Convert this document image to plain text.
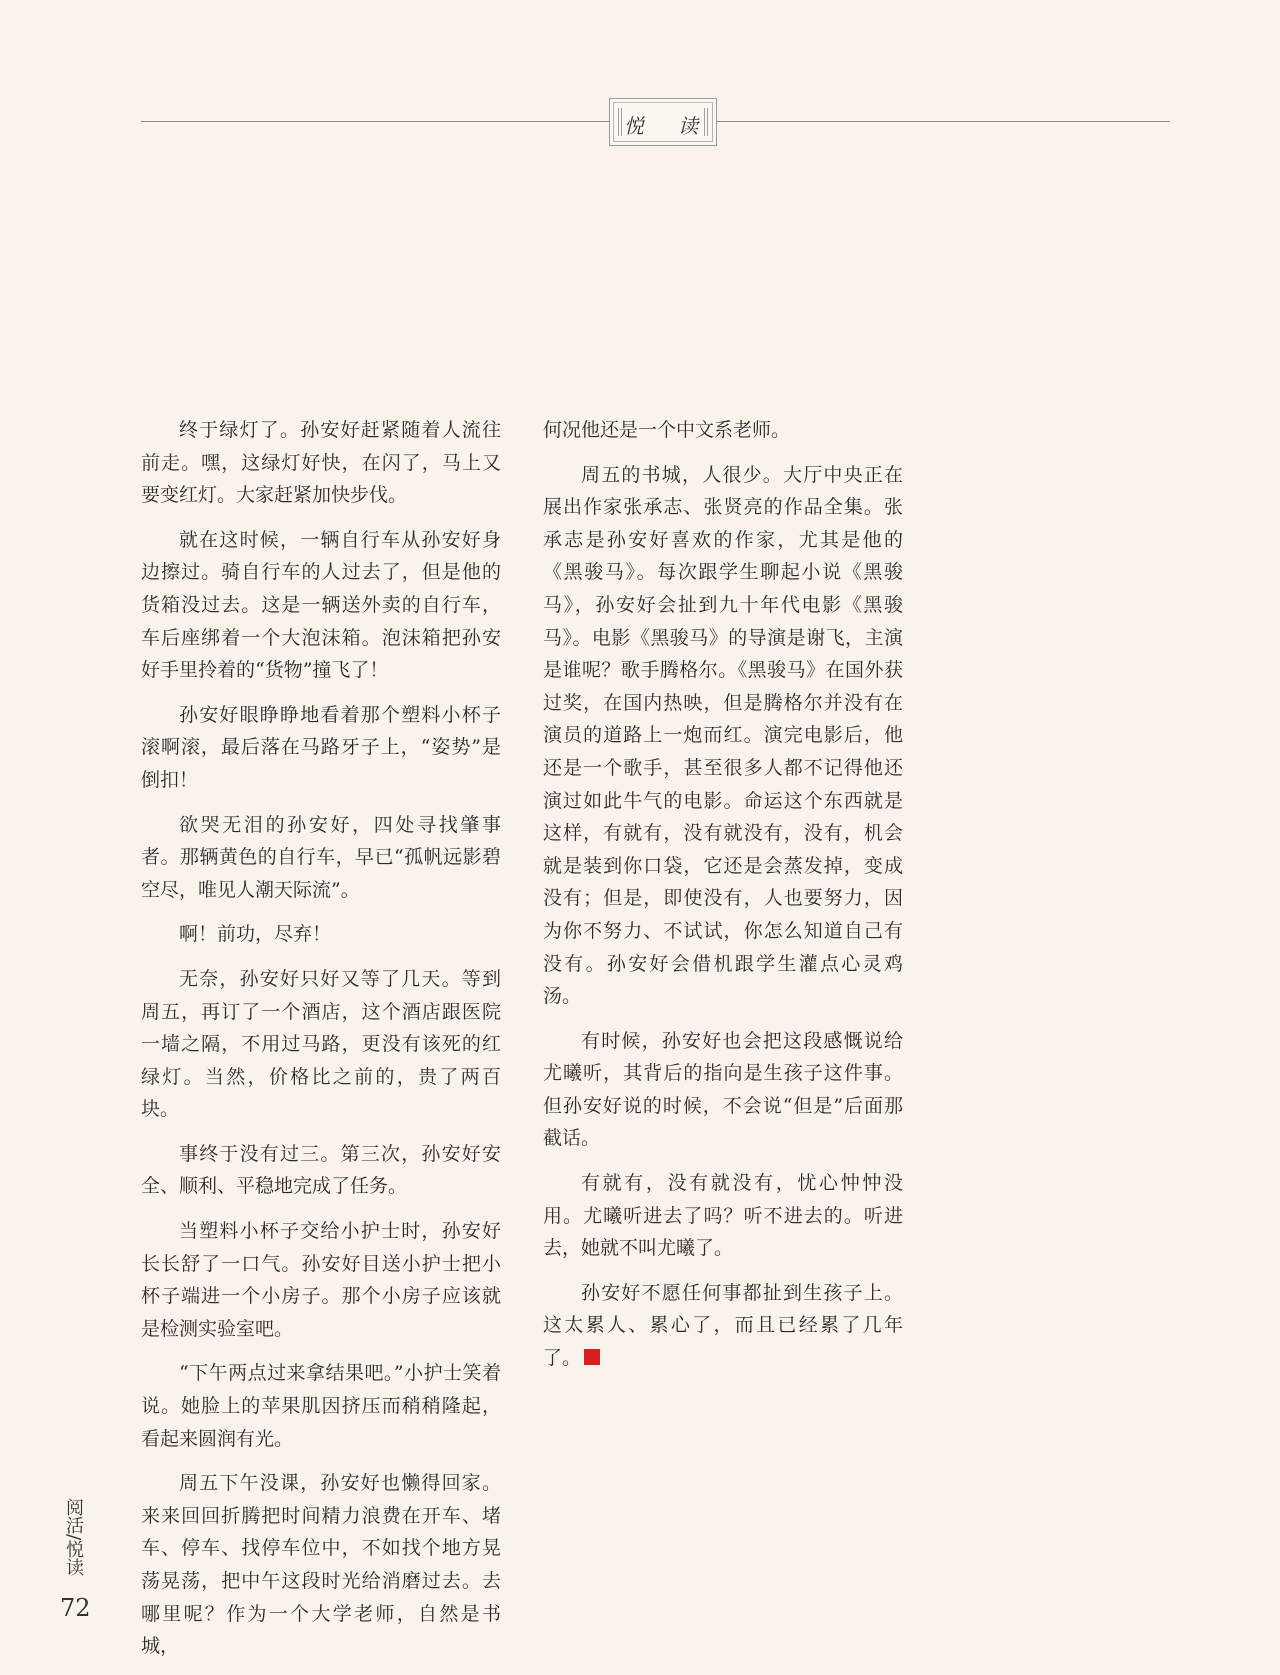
悦 读

终于绿灯了。孙安好赶紧随着人流往前走。嘿，这绿灯好快，在闪了，马上又要变红灯。大家赶紧加快步伐。

就在这时候，一辆自行车从孙安好身边擦过。骑自行车的人过去了，但是他的货箱没过去。这是一辆送外卖的自行车，车后座绑着一个大泡沫箱。泡沫箱把孙安好手里拎着的“货物”撞飞了！

孙安好眼睁睁地看着那个塑料小杯子滚啊滚，最后落在马路牙子上，“姿势”是倒扣！

欲哭无泪的孙安好，四处寻找肇事者。那辆黄色的自行车，早已“孤帆远影碧空尽，唯见人潮天际流”。

啊！前功，尽弃！

无奈，孙安好只好又等了几天。等到周五，再订了一个酒店，这个酒店跟医院一墙之隔，不用过马路，更没有该死的红绿灯。当然，价格比之前的，贵了两百块。

事终于没有过三。第三次，孙安好安全、顺利、平稳地完成了任务。

当塑料小杯子交给小护士时，孙安好长长舒了一口气。孙安好目送小护士把小杯子端进一个小房子。那个小房子应该就是检测实验室吧。

“下午两点过来拿结果吧。”小护士笑着说。她脸上的苹果肌因挤压而稍稍隆起，看起来圆润有光。

周五下午没课，孙安好也懒得回家。来来回回折腾把时间精力浪费在开车、堵车、停车、找停车位中，不如找个地方晃荡晃荡，把中午这段时光给消磨过去。去哪里呢？作为一个大学老师，自然是书城，

何况他还是一个中文系老师。

周五的书城，人很少。大厅中央正在展出作家张承志、张贤亮的作品全集。张承志是孙安好喜欢的作家，尤其是他的《黑骏马》。每次跟学生聊起小说《黑骏马》，孙安好会扯到九十年代电影《黑骏马》。电影《黑骏马》的导演是谢飞，主演是谁呢？歌手腾格尔。《黑骏马》在国外获过奖，在国内热映，但是腾格尔并没有在演员的道路上一炮而红。演完电影后，他还是一个歌手，甚至很多人都不记得他还演过如此牛气的电影。命运这个东西就是这样，有就有，没有就没有，没有，机会就是装到你口袋，它还是会蒸发掉，变成没有；但是，即使没有，人也要努力，因为你不努力、不试试，你怎么知道自己有没有。孙安好会借机跟学生灌点心灵鸡汤。

有时候，孙安好也会把这段感慨说给尤曦听，其背后的指向是生孩子这件事。但孙安好说的时候，不会说“但是”后面那截话。

有就有，没有就没有，忧心忡忡没用。尤曦听进去了吗？听不进去的。听进去，她就不叫尤曦了。

孙安好不愿任何事都扯到生孩子上。这太累人、累心了，而且已经累了几年了。

阅活/悦读
72
